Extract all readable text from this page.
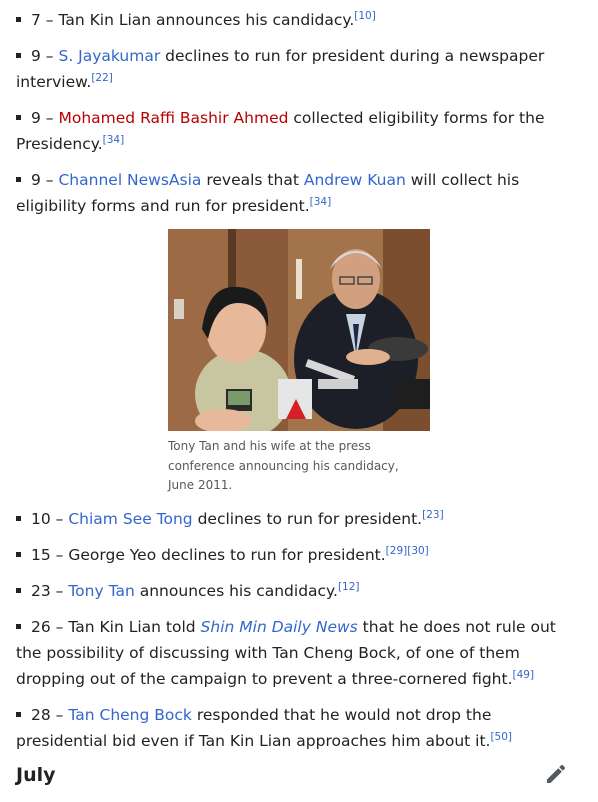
7 – Tan Kin Lian announces his candidacy.[10]
9 – S. Jayakumar declines to run for president during a newspaper interview.[22]
9 – Mohamed Raffi Bashir Ahmed collected eligibility forms for the Presidency.[34]
9 – Channel NewsAsia reveals that Andrew Kuan will collect his eligibility forms and run for president.[34]
Tony Tan and his wife at the press conference announcing his candidacy, June 2011.
10 – Chiam See Tong declines to run for president.[23]
15 – George Yeo declines to run for president.[29][30]
23 – Tony Tan announces his candidacy.[12]
26 – Tan Kin Lian told Shin Min Daily News that he does not rule out the possibility of discussing with Tan Cheng Bock, of one of them dropping out of the campaign to prevent a three-cornered fight.[49]
28 – Tan Cheng Bock responded that he would not drop the presidential bid even if Tan Kin Lian approaches him about it.[50]
July
